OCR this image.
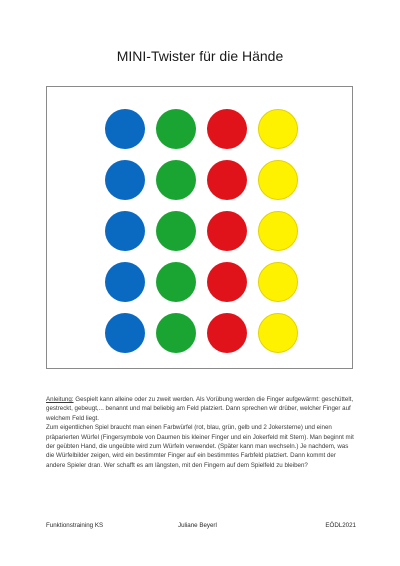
MINI-Twister für die Hände
Anleitung: Gespielt kann alleine oder zu zweit werden. Als Vorübung werden die Finger aufgewärmt: geschüttelt, gestreckt, gebeugt,... benannt und mal beliebig am Feld platziert. Dann sprechen wir drüber, welcher Finger auf welchem Feld liegt.
Zum eigentlichen Spiel braucht man einen Farbwürfel (rot, blau, grün, gelb und 2 Jokersterne) und einen präparierten Würfel (Fingersymbole von Daumen bis kleiner Finger und ein Jokerfeld mit Stern). Man beginnt mit der geübten Hand, die ungeübte wird zum Würfeln verwendet. (Später kann man wechseln.) Je nachdem, was die Würfelbilder zeigen, wird ein bestimmter Finger auf ein bestimmtes Farbfeld platziert. Dann kommt der andere Spieler dran. Wer schafft es am längsten, mit den Fingern auf dem Spielfeld zu bleiben?
Funktionstraining KS	Juliane Beyerl	EÖDL2021
